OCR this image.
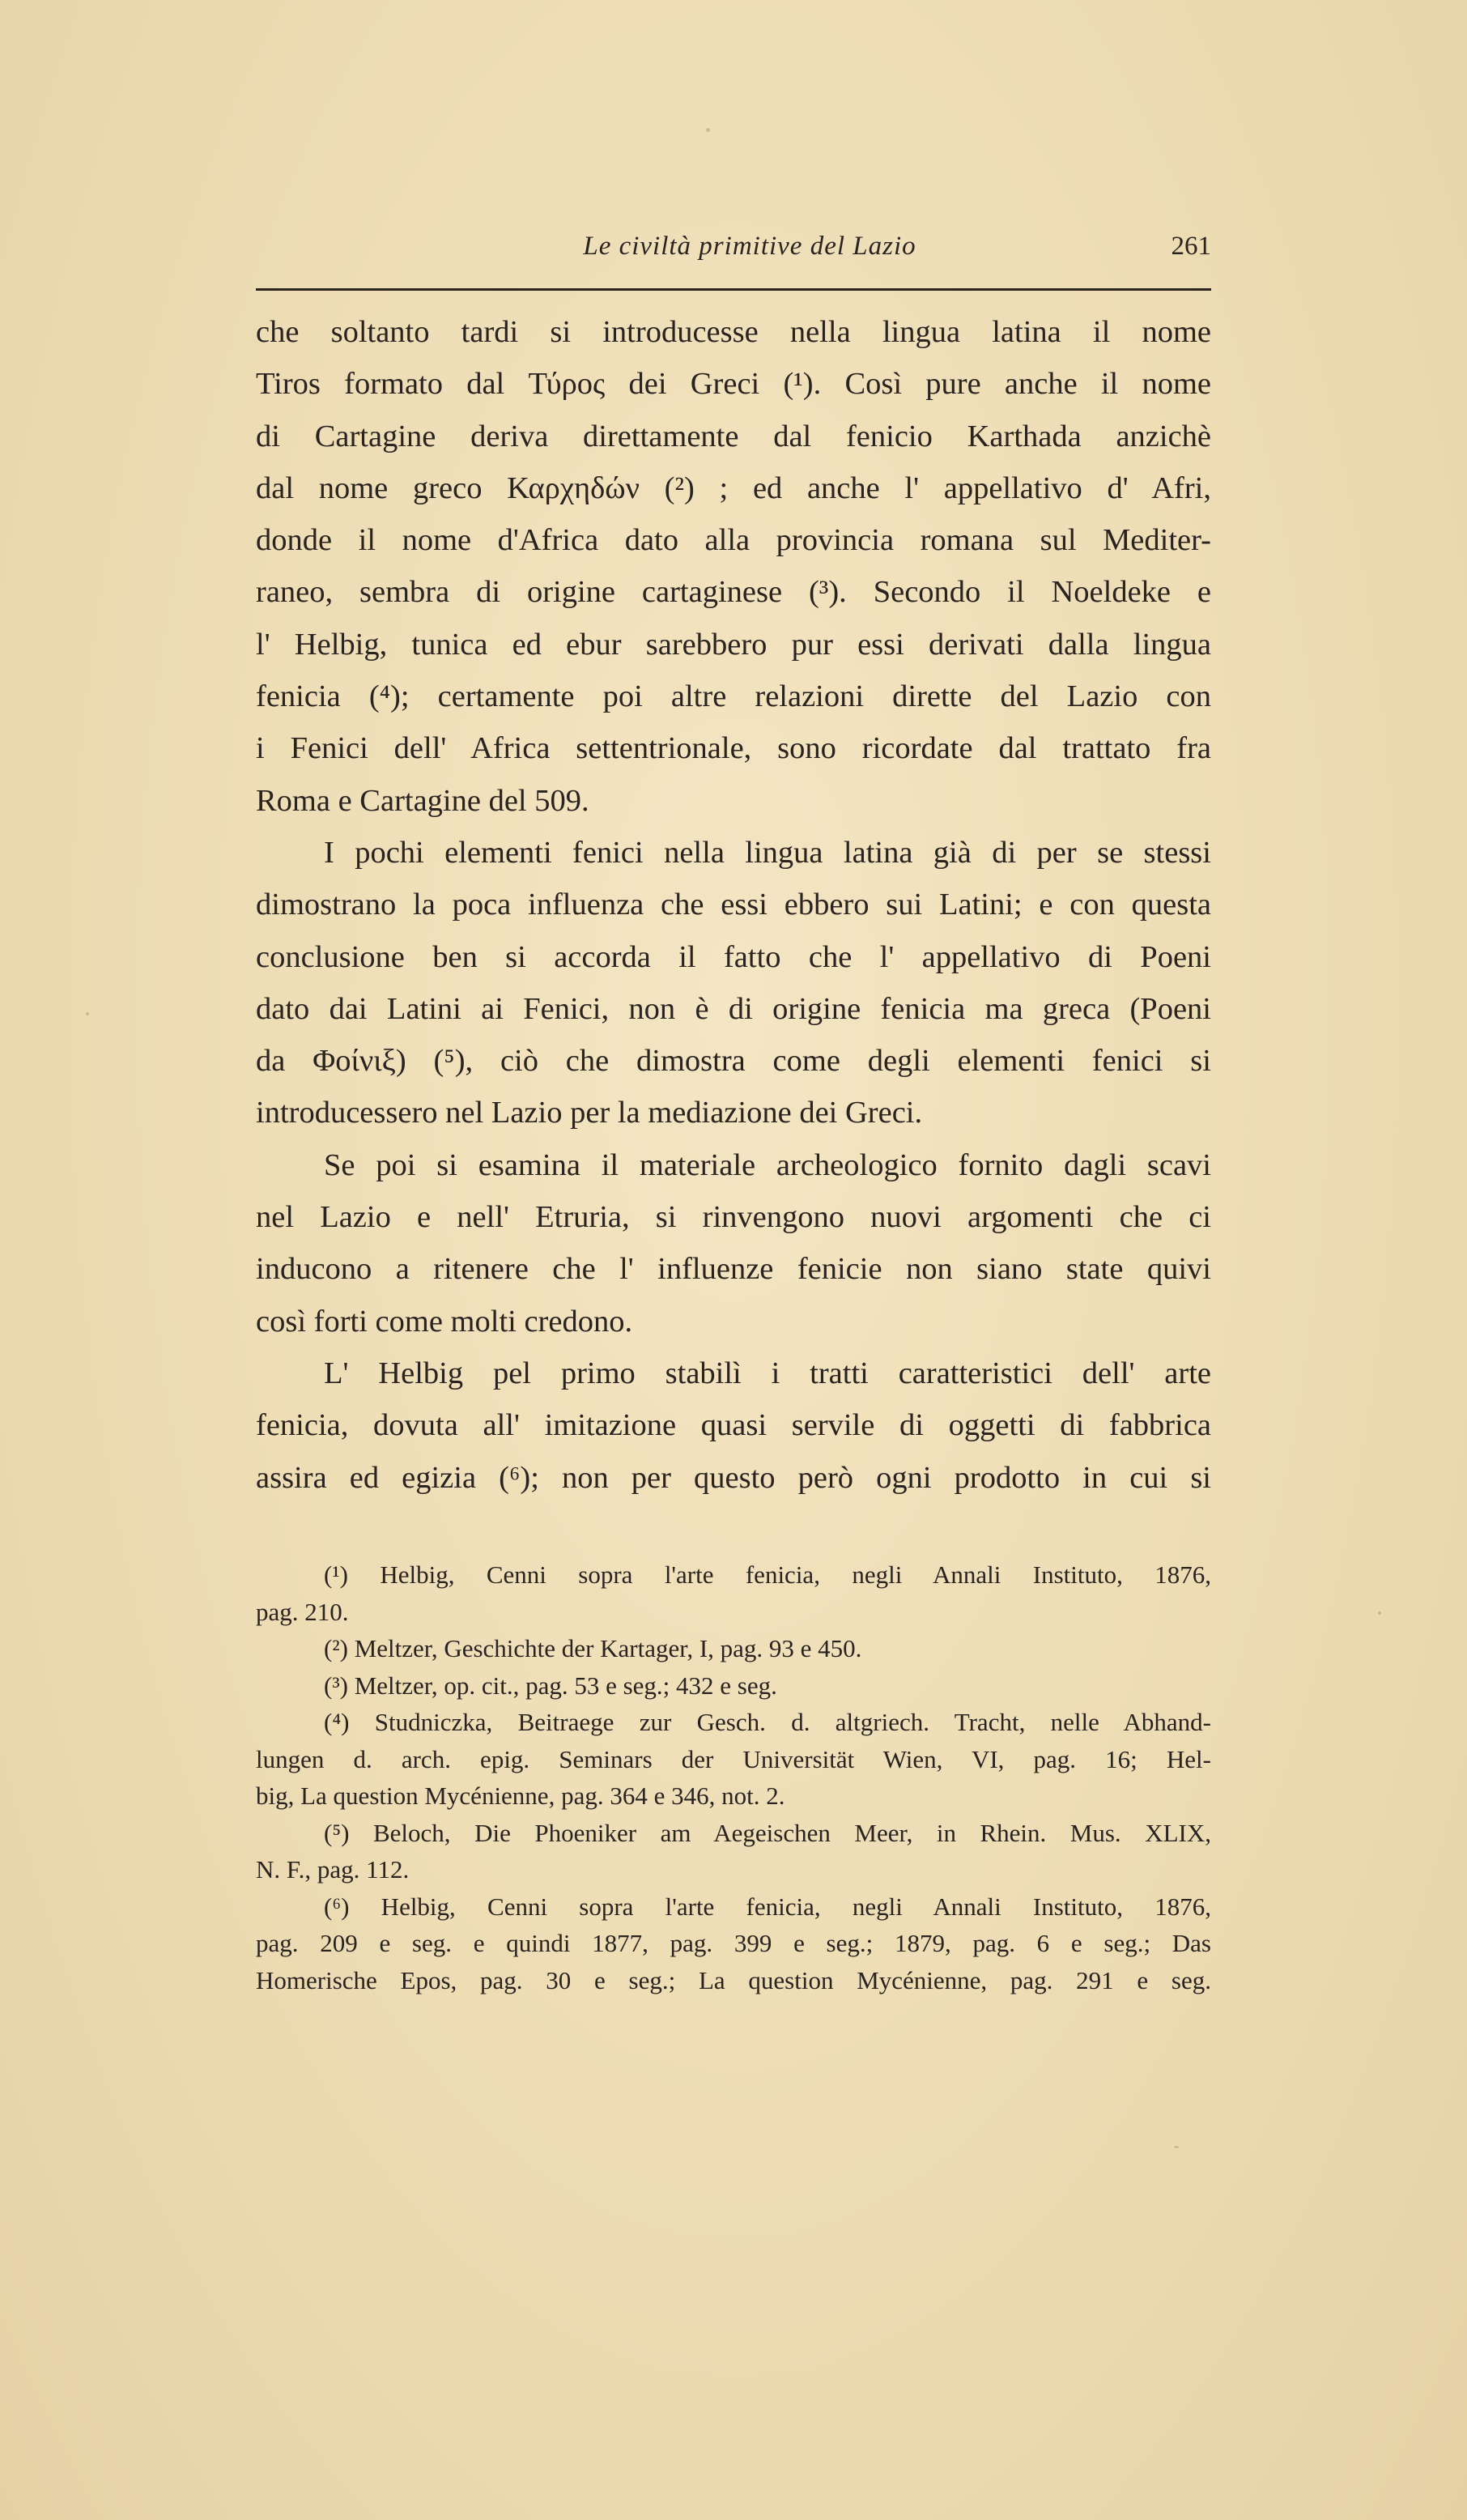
Le civiltà primitive del Lazio	261
che soltanto tardi si introducesse nella lingua latina il nome
Tiros formato dal Τύρος dei Greci (¹). Così pure anche il nome
di Cartagine deriva direttamente dal fenicio Karthada anzichè
dal nome greco Καρχηδών (²) ; ed anche l' appellativo d' Afri,
donde il nome d'Africa dato alla provincia romana sul Mediter-
raneo, sembra di origine cartaginese (³). Secondo il Noeldeke e
l' Helbig, tunica ed ebur sarebbero pur essi derivati dalla lingua
fenicia (⁴); certamente poi altre relazioni dirette del Lazio con
i Fenici dell' Africa settentrionale, sono ricordate dal trattato fra
Roma e Cartagine del 509.
I pochi elementi fenici nella lingua latina già di per se stessi
dimostrano la poca influenza che essi ebbero sui Latini; e con questa
conclusione ben si accorda il fatto che l' appellativo di Poeni
dato dai Latini ai Fenici, non è di origine fenicia ma greca (Poeni
da Φοίνιξ) (⁵), ciò che dimostra come degli elementi fenici si
introducessero nel Lazio per la mediazione dei Greci.
Se poi si esamina il materiale archeologico fornito dagli scavi
nel Lazio e nell' Etruria, si rinvengono nuovi argomenti che ci
inducono a ritenere che l' influenze fenicie non siano state quivi
così forti come molti credono.
L' Helbig pel primo stabilì i tratti caratteristici dell' arte
fenicia, dovuta all' imitazione quasi servile di oggetti di fabbrica
assira ed egizia (⁶); non per questo però ogni prodotto in cui si
(¹) Helbig, Cenni sopra l'arte fenicia, negli Annali Instituto, 1876,
pag. 210.
(²) Meltzer, Geschichte der Kartager, I, pag. 93 e 450.
(³) Meltzer, op. cit., pag. 53 e seg.; 432 e seg.
(⁴) Studniczka, Beitraege zur Gesch. d. altgriech. Tracht, nelle Abhand-
lungen d. arch. epig. Seminars der Universität Wien, VI, pag. 16; Hel-
big, La question Mycénienne, pag. 364 e 346, not. 2.
(⁵) Beloch, Die Phoeniker am Aegeischen Meer, in Rhein. Mus. XLIX,
N. F., pag. 112.
(⁶) Helbig, Cenni sopra l'arte fenicia, negli Annali Instituto, 1876,
pag. 209 e seg. e quindi 1877, pag. 399 e seg.; 1879, pag. 6 e seg.; Das
Homerische Epos, pag. 30 e seg.; La question Mycénienne, pag. 291 e seg.
